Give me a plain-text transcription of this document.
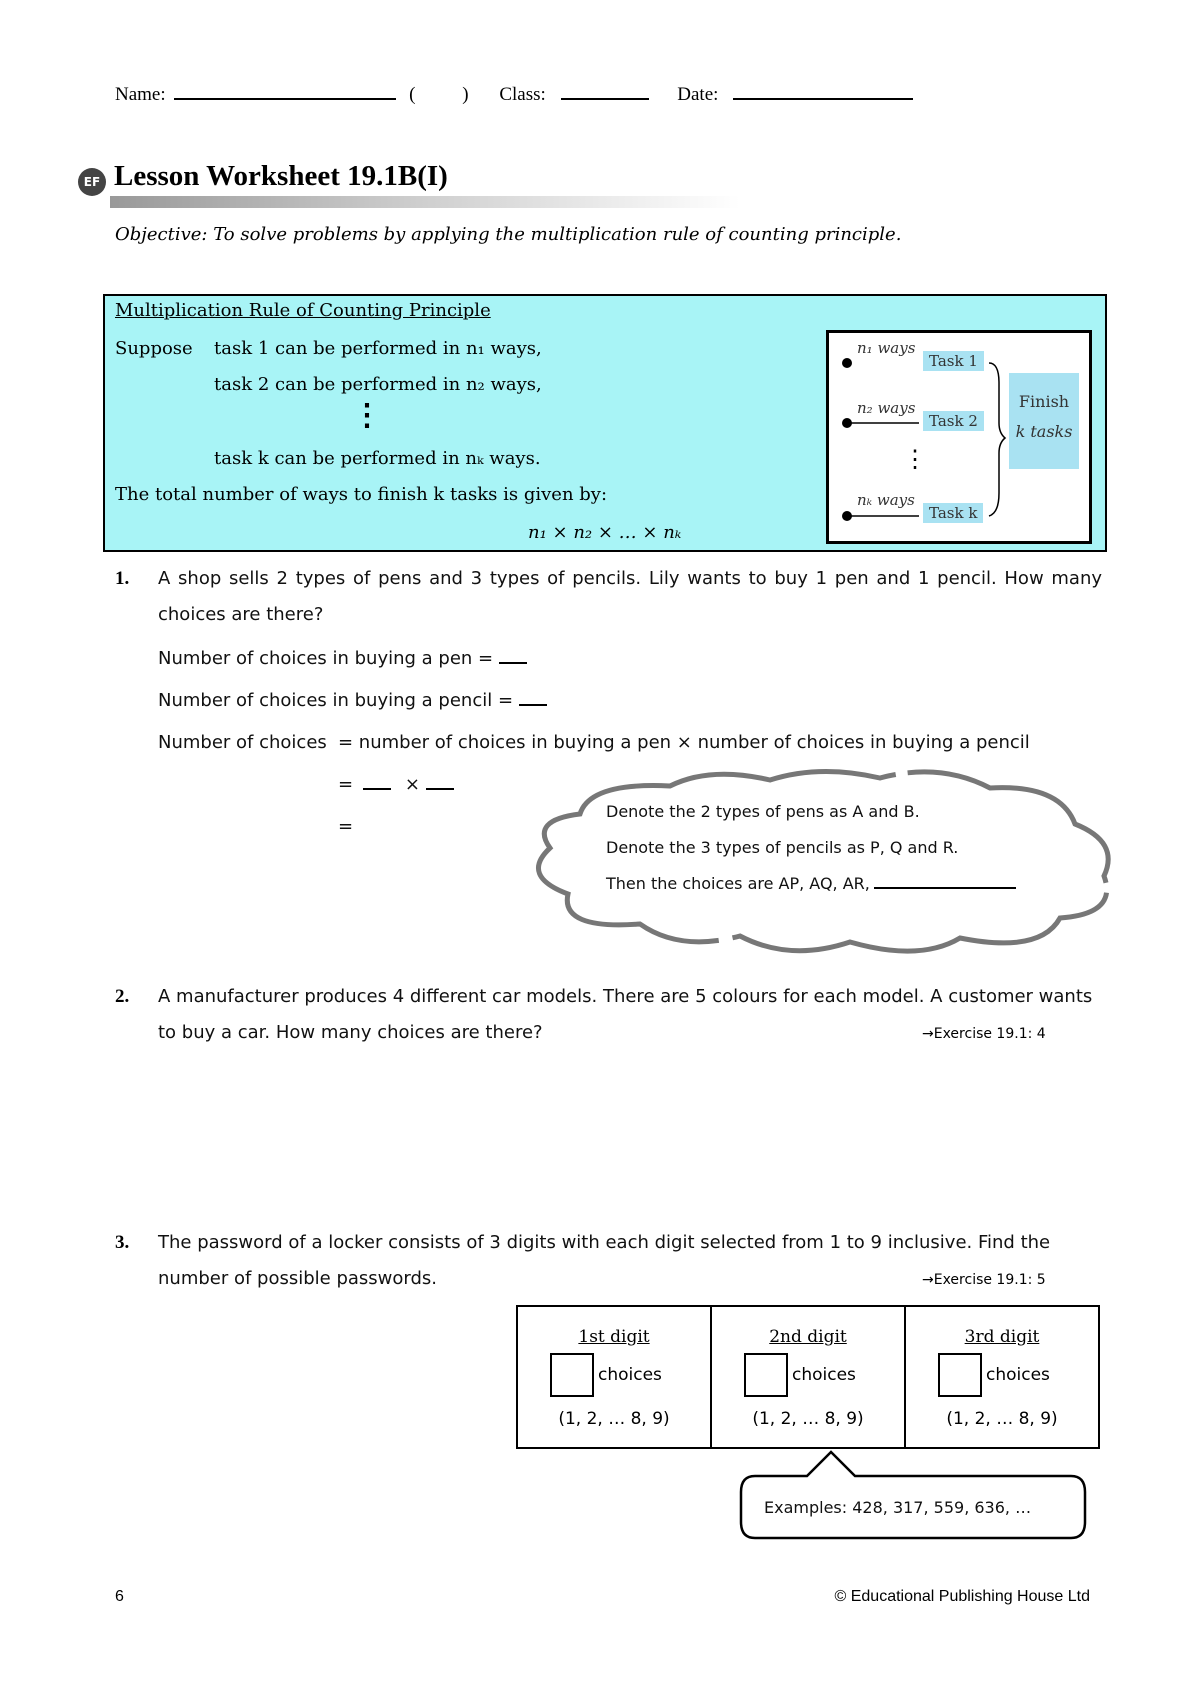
Name:	( ) Class:	Date:
EF Lesson Worksheet 19.1B(I)
Objective: To solve problems by applying the multiplication rule of counting principle.
Multiplication Rule of Counting Principle
Suppose task 1 can be performed in n₁ ways,
task 2 can be performed in n₂ ways,
⋮
task k can be performed in nₖ ways.
The total number of ways to finish k tasks is given by:
n₁ × n₂ × … × nₖ
n₁ ways
Task 1
n₂ ways
Task 2
⋮
nₖ ways
Task k
Finish
k tasks
1. A shop sells 2 types of pens and 3 types of pencils. Lily wants to buy 1 pen and 1 pencil. How many
choices are there?
Number of choices in buying a pen =
Number of choices in buying a pencil =
Number of choices = number of choices in buying a pen × number of choices in buying a pencil
=	×
=
Denote the 2 types of pens as A and B.
Denote the 3 types of pencils as P, Q and R.
Then the choices are AP, AQ, AR,
2. A manufacturer produces 4 different car models. There are 5 colours for each model. A customer wants
to buy a car. How many choices are there?	→Exercise 19.1: 4
3. The password of a locker consists of 3 digits with each digit selected from 1 to 9 inclusive. Find the
number of possible passwords.	→Exercise 19.1: 5
1st digit
choices
(1, 2, … 8, 9)
2nd digit
choices
(1, 2, … 8, 9)
3rd digit
choices
(1, 2, … 8, 9)
Examples: 428, 317, 559, 636, …
6	© Educational Publishing House Ltd
